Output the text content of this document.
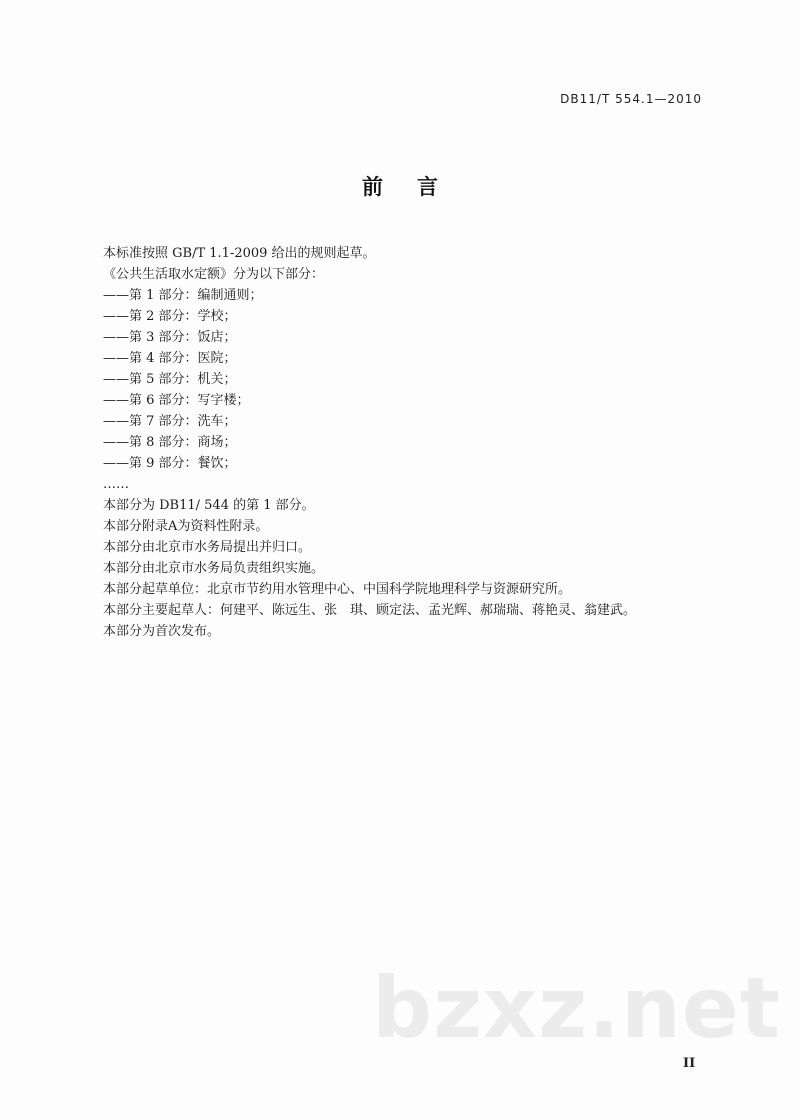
DB11/T 554.1—2010
前 言
本标准按照 GB/T 1.1-2009 给出的规则起草。
《公共生活取水定额》分为以下部分：
——第 1 部分：编制通则；
——第 2 部分：学校；
——第 3 部分：饭店；
——第 4 部分：医院；
——第 5 部分：机关；
——第 6 部分：写字楼；
——第 7 部分：洗车；
——第 8 部分：商场；
——第 9 部分：餐饮；
……
本部分为 DB11/ 544 的第 1 部分。
本部分附录A为资料性附录。
本部分由北京市水务局提出并归口。
本部分由北京市水务局负责组织实施。
本部分起草单位：北京市节约用水管理中心、中国科学院地理科学与资源研究所。
本部分主要起草人：何建平、陈远生、张　琪、顾定法、孟光辉、郝瑞瑞、蒋艳灵、翁建武。
本部分为首次发布。
bzxz.net
II
